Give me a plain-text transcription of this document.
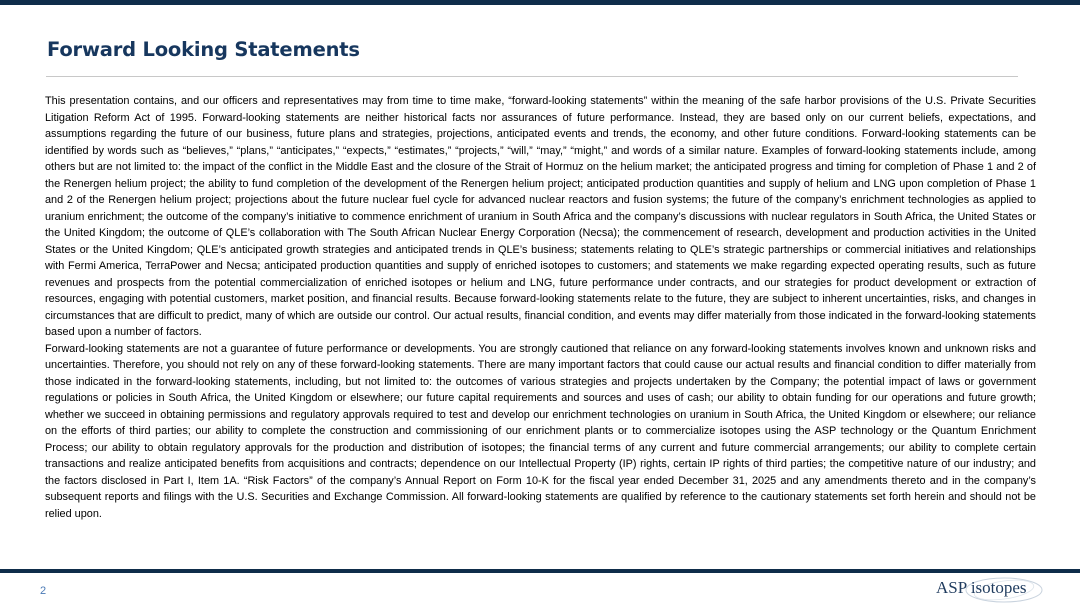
Forward Looking Statements

This presentation contains, and our officers and representatives may from time to time make, “forward-looking statements” within the meaning of the safe harbor provisions of the U.S. Private Securities Litigation Reform Act of 1995. Forward-looking statements are neither historical facts nor assurances of future performance. Instead, they are based only on our current beliefs, expectations, and assumptions regarding the future of our business, future plans and strategies, projections, anticipated events and trends, the economy, and other future conditions. Forward-looking statements can be identified by words such as “believes,” “plans,” “anticipates,” “expects,” “estimates,” “projects,” “will,” “may,” “might,” and words of a similar nature. Examples of forward-looking statements include, among others but are not limited to: the impact of the conflict in the Middle East and the closure of the Strait of Hormuz on the helium market; the anticipated progress and timing for completion of Phase 1 and 2 of the Renergen helium project; the ability to fund completion of the development of the Renergen helium project; anticipated production quantities and supply of helium and LNG upon completion of Phase 1 and 2 of the Renergen helium project; projections about the future nuclear fuel cycle for advanced nuclear reactors and fusion systems; the future of the company’s enrichment technologies as applied to uranium enrichment; the outcome of the company’s initiative to commence enrichment of uranium in South Africa and the company’s discussions with nuclear regulators in South Africa, the United States or the United Kingdom; the outcome of QLE’s collaboration with The South African Nuclear Energy Corporation (Necsa); the commencement of research, development and production activities in the United States or the United Kingdom; QLE’s anticipated growth strategies and anticipated trends in QLE’s business; statements relating to QLE’s strategic partnerships or commercial initiatives and relationships with Fermi America, TerraPower and Necsa; anticipated production quantities and supply of enriched isotopes to customers; and statements we make regarding expected operating results, such as future revenues and prospects from the potential commercialization of enriched isotopes or helium and LNG, future performance under contracts, and our strategies for product development or extraction of resources, engaging with potential customers, market position, and financial results. Because forward-looking statements relate to the future, they are subject to inherent uncertainties, risks, and changes in circumstances that are difficult to predict, many of which are outside our control. Our actual results, financial condition, and events may differ materially from those indicated in the forward-looking statements based upon a number of factors.

Forward-looking statements are not a guarantee of future performance or developments. You are strongly cautioned that reliance on any forward-looking statements involves known and unknown risks and uncertainties. Therefore, you should not rely on any of these forward-looking statements. There are many important factors that could cause our actual results and financial condition to differ materially from those indicated in the forward-looking statements, including, but not limited to: the outcomes of various strategies and projects undertaken by the Company; the potential impact of laws or government regulations or policies in South Africa, the United Kingdom or elsewhere; our future capital requirements and sources and uses of cash; our ability to obtain funding for our operations and future growth; whether we succeed in obtaining permissions and regulatory approvals required to test and develop our enrichment technologies on uranium in South Africa, the United Kingdom or elsewhere; our reliance on the efforts of third parties; our ability to complete the construction and commissioning of our enrichment plants or to commercialize isotopes using the ASP technology or the Quantum Enrichment Process; our ability to obtain regulatory approvals for the production and distribution of isotopes; the financial terms of any current and future commercial arrangements; our ability to complete certain transactions and realize anticipated benefits from acquisitions and contracts; dependence on our Intellectual Property (IP) rights, certain IP rights of third parties; the competitive nature of our industry; and the factors disclosed in Part I, Item 1A. “Risk Factors” of the company’s Annual Report on Form 10-K for the fiscal year ended December 31, 2025 and any amendments thereto and in the company’s subsequent reports and filings with the U.S. Securities and Exchange Commission. All forward-looking statements are qualified by reference to the cautionary statements set forth herein and should not be relied upon.

2	ASP isotopes
